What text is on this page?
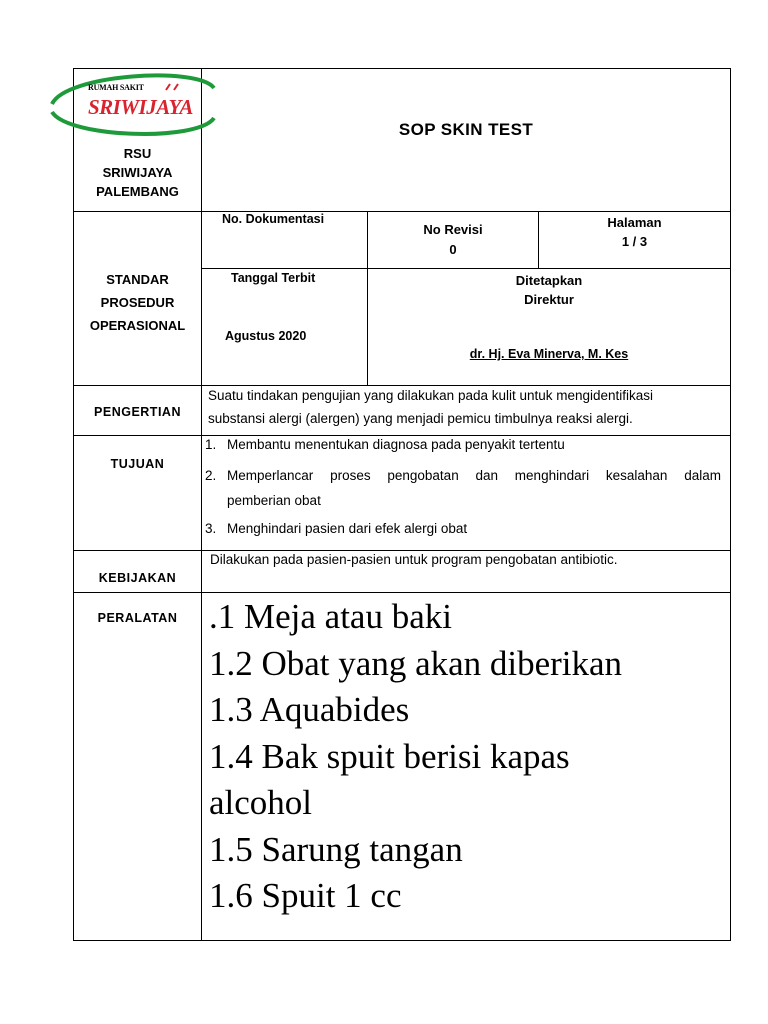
RUMAH SAKIT
SRIWIJAYA
RSU
SRIWIJAYA
PALEMBANG
SOP SKIN TEST
STANDAR
PROSEDUR
OPERASIONAL
No. Dokumentasi
No Revisi
0
Halaman
1 / 3
Tanggal Terbit
Agustus 2020
Ditetapkan
Direktur
dr. Hj. Eva Minerva, M. Kes
PENGERTIAN
Suatu tindakan pengujian yang dilakukan pada kulit untuk mengidentifikasi
substansi alergi (alergen) yang menjadi pemicu timbulnya reaksi alergi.
TUJUAN
1. Membantu menentukan diagnosa pada penyakit tertentu
2. Memperlancar proses pengobatan dan menghindari kesalahan dalam
pemberian obat
3. Menghindari pasien dari efek alergi obat
KEBIJAKAN
Dilakukan pada pasien-pasien untuk program pengobatan antibiotic.
PERALATAN .1 Meja atau baki
1.2 Obat yang akan diberikan
1.3 Aquabides
1.4 Bak spuit berisi kapas
alcohol
1.5 Sarung tangan
1.6 Spuit 1 cc
